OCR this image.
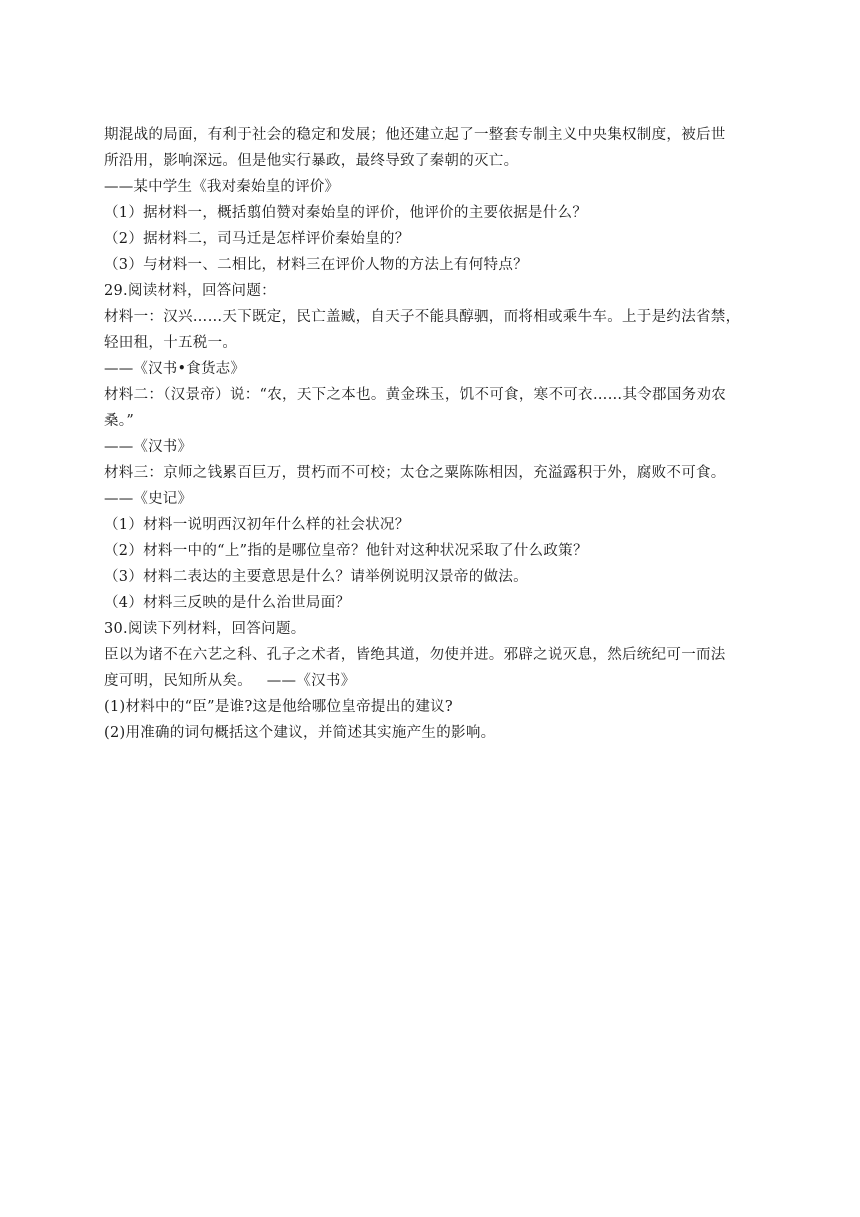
期混战的局面，有利于社会的稳定和发展；他还建立起了一整套专制主义中央集权制度，被后世

所沿用，影响深远。但是他实行暴政，最终导致了秦朝的灭亡。

——某中学生《我对秦始皇的评价》

（1）据材料一，概括翦伯赞对秦始皇的评价，他评价的主要依据是什么？

（2）据材料二，司马迁是怎样评价秦始皇的？

（3）与材料一、二相比，材料三在评价人物的方法上有何特点？

29.阅读材料，回答问题：

材料一：汉兴……天下既定，民亡盖臧，自天子不能具醇驷，而将相或乘牛车。上于是约法省禁，

轻田租，十五税一。

——《汉书•食货志》

材料二：（汉景帝）说：“农，天下之本也。黄金珠玉，饥不可食，寒不可衣……其令郡国务劝农

桑。”

——《汉书》

材料三：京师之钱累百巨万，贯朽而不可校；太仓之粟陈陈相因，充溢露积于外，腐败不可食。

——《史记》

（1）材料一说明西汉初年什么样的社会状况？

（2）材料一中的“上”指的是哪位皇帝？他针对这种状况采取了什么政策？

（3）材料二表达的主要意思是什么？请举例说明汉景帝的做法。

（4）材料三反映的是什么治世局面？

30.阅读下列材料，回答问题。

臣以为诸不在六艺之科、孔子之术者，皆绝其道，勿使并进。邪辟之说灭息，然后统纪可一而法

度可明，民知所从矣。   ——《汉书》

(1)材料中的“臣”是谁?这是他给哪位皇帝提出的建议?

(2)用准确的词句概括这个建议，并简述其实施产生的影响。
